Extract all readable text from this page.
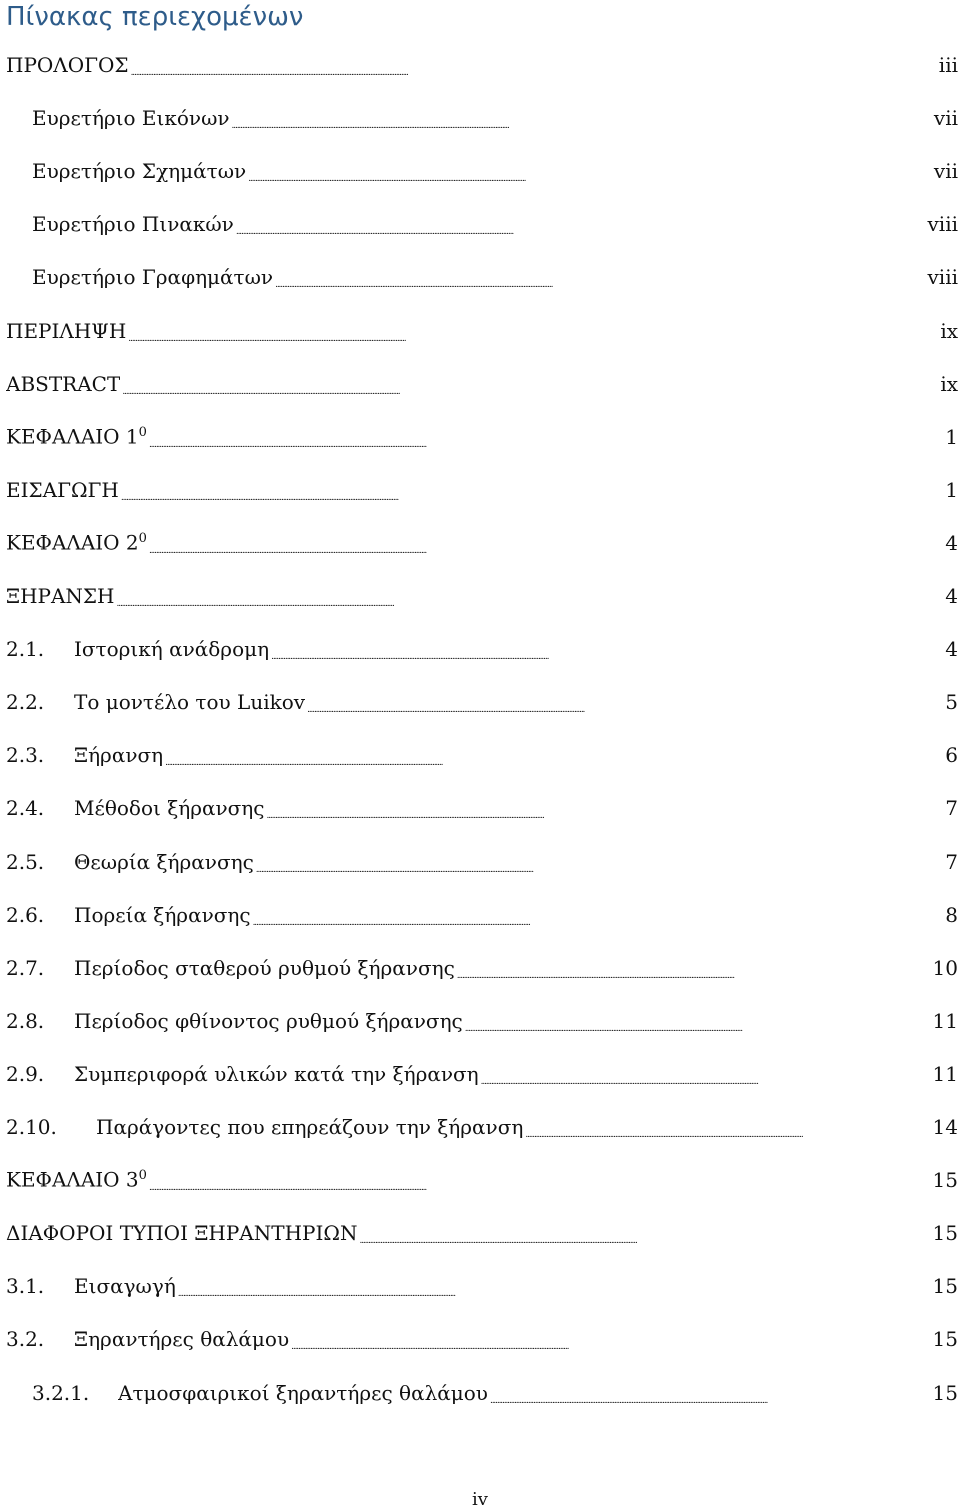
Πίνακας περιεχομένων
ΠΡΟΛΟΓΟΣ . . .	iii
Ευρετήριο Εικόνων . . .	vii
Ευρετήριο Σχημάτων . . .	vii
Ευρετήριο Πινακών . . .	viii
Ευρετήριο Γραφημάτων . . .	viii
ΠΕΡΙΛΗΨΗ . . .	ix
ABSTRACT . . .	ix
ΚΕΦΑΛΑΙΟ $1^0$ . . .	1
ΕΙΣΑΓΩΓΗ . . .	1
ΚΕΦΑΛΑΙΟ $2^0$ . . .	4
ΞΗΡΑΝΣΗ . . .	4
2.1.	Ιστορική ανάδρομη . . .	4
2.2.	Το μοντέλο του Luikov . . .	5
2.3.	Ξήρανση . . .	6
2.4.	Μέθοδοι ξήρανσης . . .	7
2.5.	Θεωρία ξήρανσης . . .	7
2.6.	Πορεία ξήρανσης . . .	8
2.7.	Περίοδος σταθερού ρυθμού ξήρανσης . . .	10
2.8.	Περίοδος φθίνοντος ρυθμού ξήρανσης . . .	11
2.9.	Συμπεριφορά υλικών κατά την ξήρανση . . .	11
2.10.	Παράγοντες που επηρεάζουν την ξήρανση . . .	14
ΚΕΦΑΛΑΙΟ $3^0$ . . .	15
ΔΙΑΦΟΡΟΙ ΤΥΠΟΙ ΞΗΡΑΝΤΗΡΙΩΝ . . .	15
3.1.	Εισαγωγή . . .	15
3.2.	Ξηραντήρες θαλάμου . . .	15
3.2.1.	Ατμοσφαιρικοί ξηραντήρες θαλάμου . . .	15
iv
